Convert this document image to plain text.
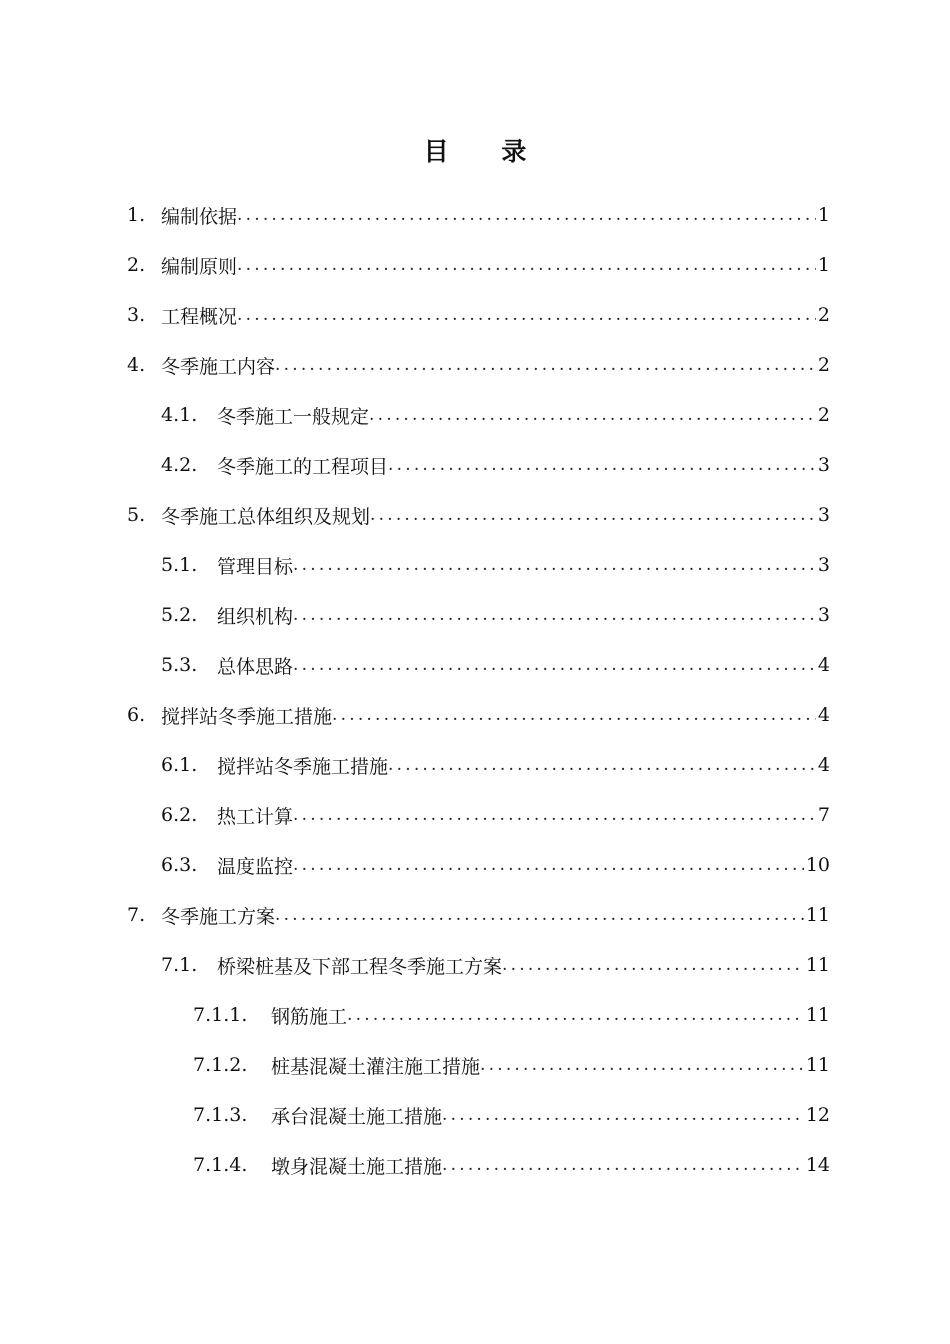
目 录
1. 编制依据 .....	1
2. 编制原则 .....	1
3. 工程概况 .....	2
4. 冬季施工内容 .....	2
4.1.	冬季施工一般规定 .....	2
4.2.	冬季施工的工程项目 .....	3
5. 冬季施工总体组织及规划 .....	3
5.1.	管理目标 .....	3
5.2.	组织机构 .....	3
5.3.	总体思路 .....	4
6. 搅拌站冬季施工措施 .....	4
6.1.	搅拌站冬季施工措施 .....	4
6.2.	热工计算 .....	7
6.3.	温度监控 .....	10
7. 冬季施工方案 .....	11
7.1.	桥梁桩基及下部工程冬季施工方案 .....	11
7.1.1.	钢筋施工 .....	11
7.1.2.	桩基混凝土灌注施工措施 .....	11
7.1.3.	承台混凝土施工措施 .....	12
7.1.4.	墩身混凝土施工措施 .....	14
